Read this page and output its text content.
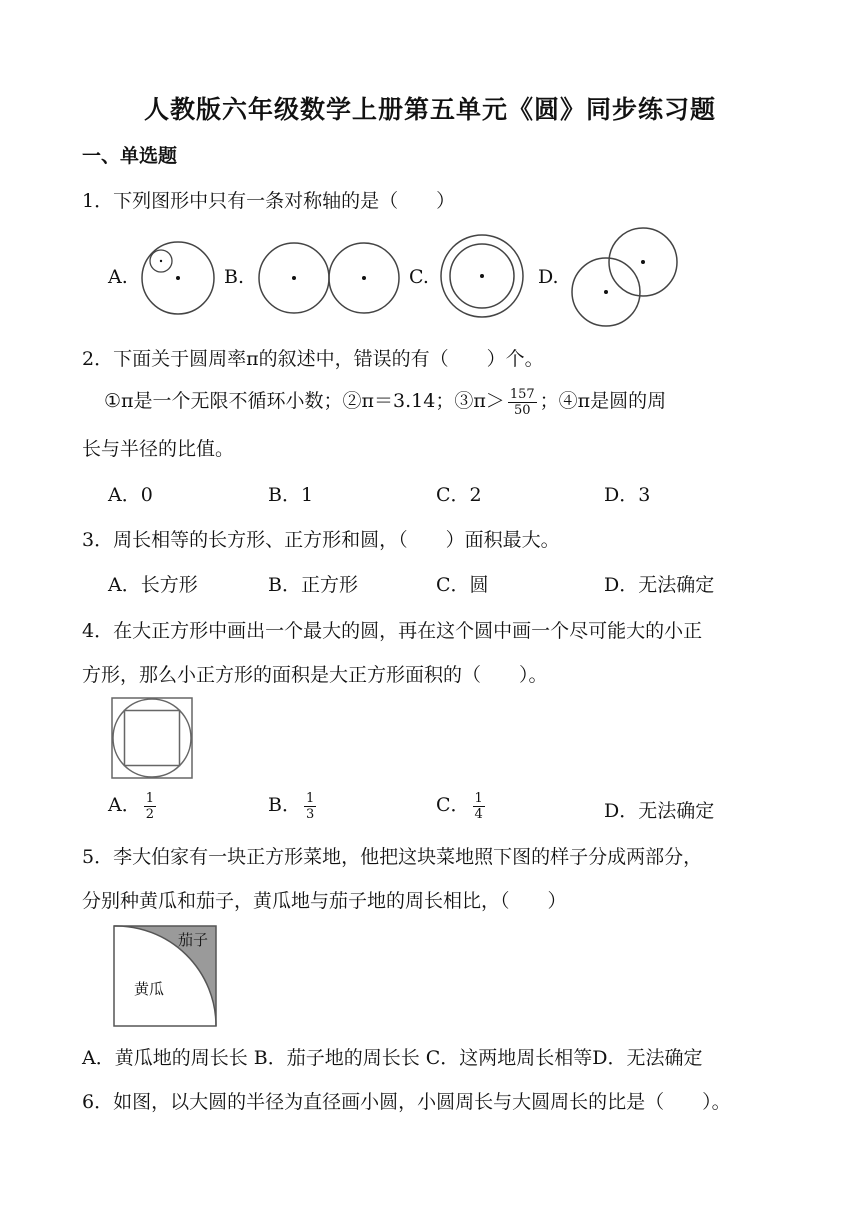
人教版六年级数学上册第五单元《圆》同步练习题
一、单选题
1．下列图形中只有一条对称轴的是（　　）
A.	B.	C.	D.
2．下面关于圆周率π的叙述中，错误的有（　　）个。
①π是一个无限不循环小数；②π＝3.14；③π＞ $\frac{157}{50}$ ；④π是圆的周
长与半径的比值。
A．0	B．1	C．2	D．3
3．周长相等的长方形、正方形和圆，（　　）面积最大。
A．长方形	B．正方形	C．圆	D．无法确定
4．在大正方形中画出一个最大的圆，再在这个圆中画一个尽可能大的小正
方形，那么小正方形的面积是大正方形面积的（　　）。
A． $\frac{1}{2}$	B． $\frac{1}{3}$	C． $\frac{1}{4}$	D．无法确定
5．李大伯家有一块正方形菜地，他把这块菜地照下图的样子分成两部分，
分别种黄瓜和茄子，黄瓜地与茄子地的周长相比，（　　）
茄子
黄瓜
A．黄瓜地的周长长 B．茄子地的周长长 C．这两地周长相等D．无法确定
6．如图，以大圆的半径为直径画小圆，小圆周长与大圆周长的比是（　　）。
